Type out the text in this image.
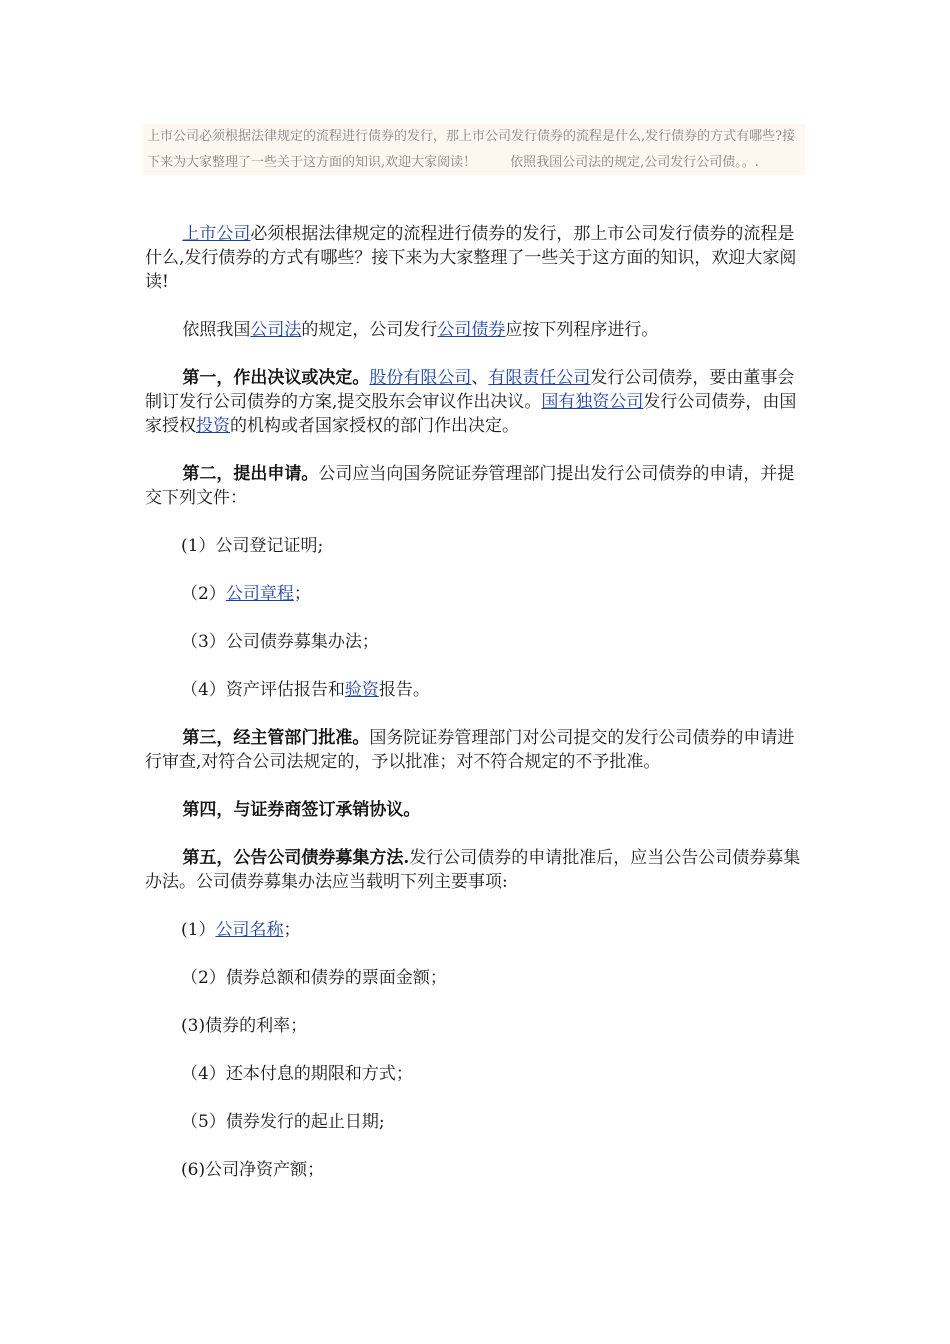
上市公司必须根据法律规定的流程进行债券的发行，那上市公司发行债券的流程是什么,发行债券的方式有哪些?接下来为大家整理了一些关于这方面的知识,欢迎大家阅读！	依照我国公司法的规定,公司发行公司债。。.

上市公司必须根据法律规定的流程进行债券的发行，那上市公司发行债券的流程是什么,发行债券的方式有哪些？接下来为大家整理了一些关于这方面的知识，欢迎大家阅读!

依照我国公司法的规定，公司发行公司债券应按下列程序进行。

第一，作出决议或决定。股份有限公司、有限责任公司发行公司债券，要由董事会制订发行公司债券的方案,提交股东会审议作出决议。国有独资公司发行公司债券，由国家授权投资的机构或者国家授权的部门作出决定。

第二，提出申请。公司应当向国务院证券管理部门提出发行公司债券的申请，并提交下列文件：

(1）公司登记证明;

（2）公司章程；

（3）公司债券募集办法；

（4）资产评估报告和验资报告。

第三，经主管部门批准。国务院证券管理部门对公司提交的发行公司债券的申请进行审查,对符合公司法规定的，予以批准；对不符合规定的不予批准。

第四，与证券商签订承销协议。

第五，公告公司债券募集方法.发行公司债券的申请批准后，应当公告公司债券募集办法。公司债券募集办法应当载明下列主要事项:

(1）公司名称；

（2）债券总额和债券的票面金额；

(3)债券的利率；

（4）还本付息的期限和方式；

（5）债券发行的起止日期;

(6)公司净资产额；
